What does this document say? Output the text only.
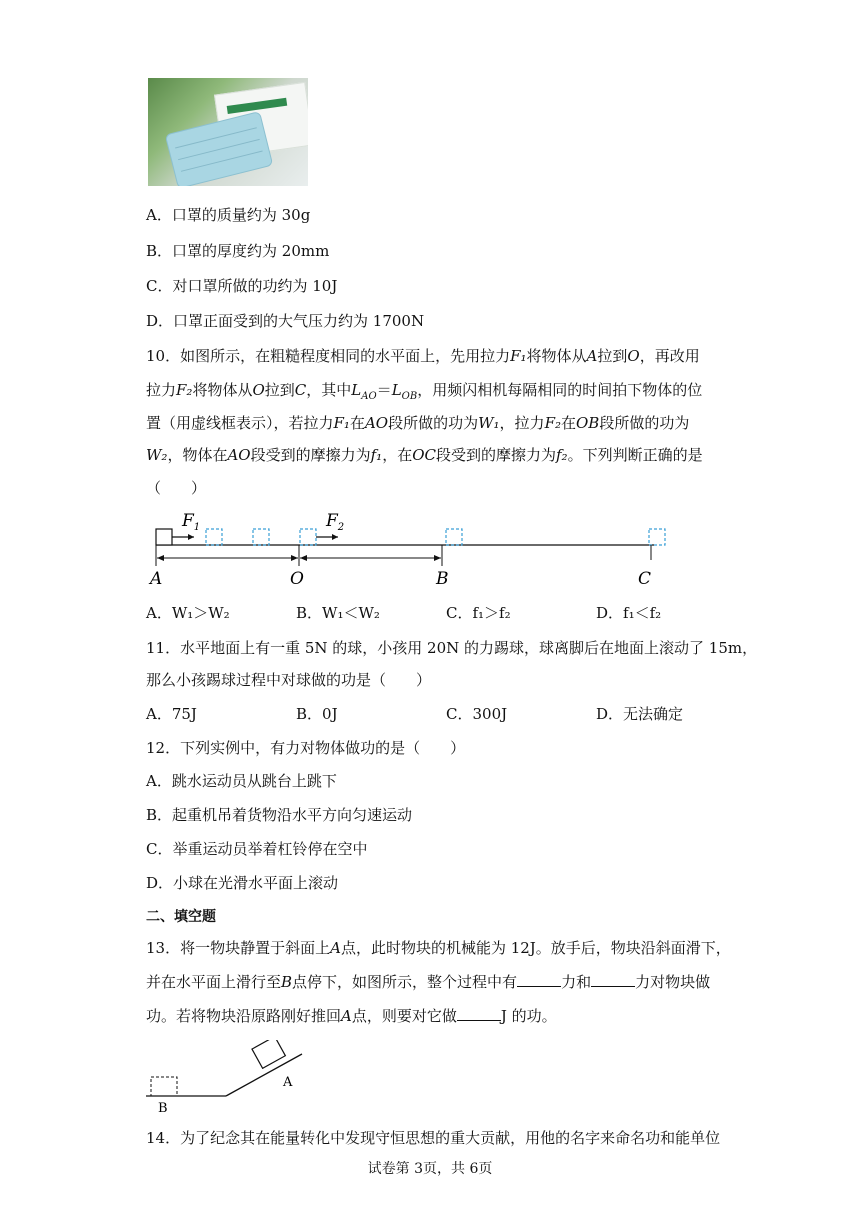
A．口罩的质量约为 30g
B．口罩的厚度约为 20mm
C．对口罩所做的功约为 10J
D．口罩正面受到的大气压力约为 1700N
10．如图所示，在粗糙程度相同的水平面上，先用拉力F₁将物体从A拉到O，再改用
拉力F₂将物体从O拉到C，其中$L_{AO}=L_{OB}$，用频闪相机每隔相同的时间拍下物体的位
置（用虚线框表示），若拉力F₁在AO段所做的功为W₁，拉力F₂在OB段所做的功为
W₂，物体在AO段受到的摩擦力为f₁，在OC段受到的摩擦力为f₂。下列判断正确的是
（　　）
$F_1$	$F_2$
A	O	B	C
A．W₁＞W₂	B．W₁＜W₂	C．f₁＞f₂	D．f₁＜f₂
11．水平地面上有一重 5N 的球，小孩用 20N 的力踢球，球离脚后在地面上滚动了 15m，
那么小孩踢球过程中对球做的功是（　　）
A．75J	B．0J	C．300J	D．无法确定
12．下列实例中，有力对物体做功的是（　　）
A．跳水运动员从跳台上跳下
B．起重机吊着货物沿水平方向匀速运动
C．举重运动员举着杠铃停在空中
D．小球在光滑水平面上滚动
二、填空题
13．将一物块静置于斜面上A点，此时物块的机械能为 12J。放手后，物块沿斜面滑下，
并在水平面上滑行至B点停下，如图所示，整个过程中有	力和	力对物块做
功。若将物块沿原路刚好推回A点，则要对它做	J 的功。
A
B
14．为了纪念其在能量转化中发现守恒思想的重大贡献，用他的名字来命名功和能单位
试卷第 3页，共 6页
